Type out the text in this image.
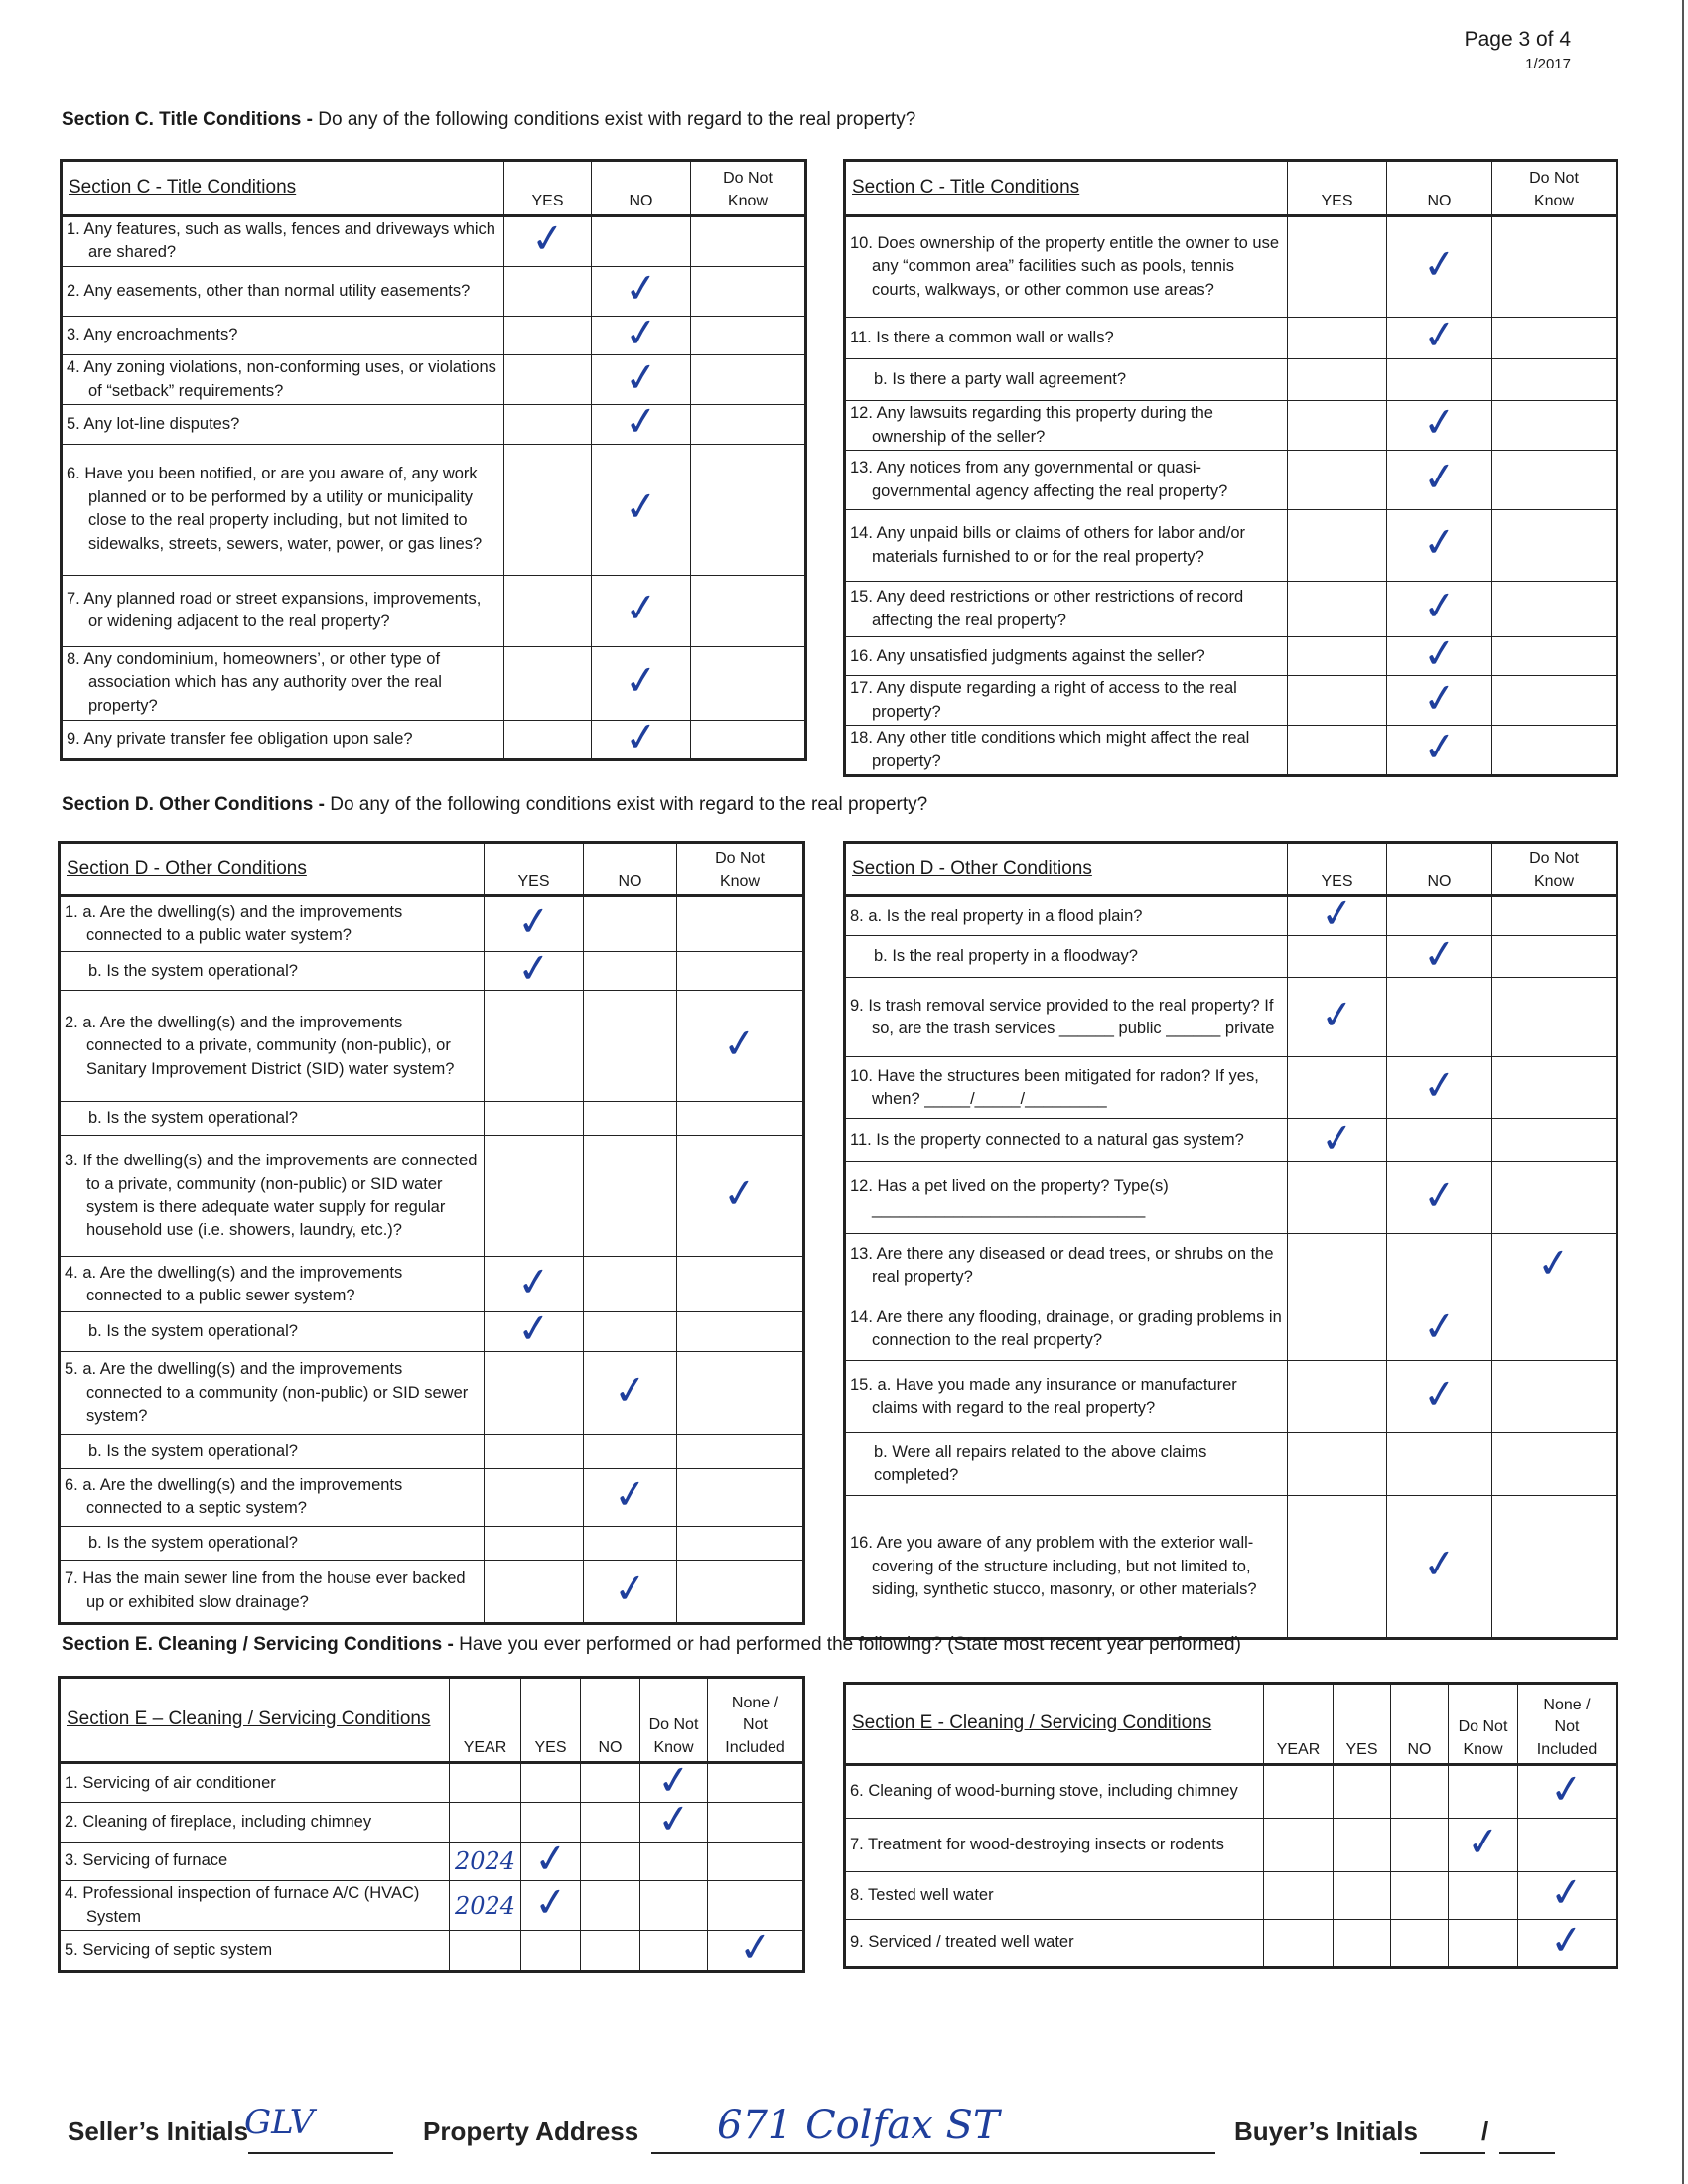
Page 3 of 4
1/2017
Section C. Title Conditions - Do any of the following conditions exist with regard to the real property?
Section C - Title Conditions	YES	NO	Do Not
Know

1. Any features, such as walls, fences and driveways which are shared?	✓		

2. Any easements, other than normal utility easements?		✓	

3. Any encroachments?		✓	

4. Any zoning violations, non-conforming uses, or violations of “setback” requirements?		✓	

5. Any lot-line disputes?		✓	

6. Have you been notified, or are you aware of, any work planned or to be performed by a utility or municipality close to the real property including, but not limited to sidewalks, streets, sewers, water, power, or gas lines?		✓	

7. Any planned road or street expansions, improvements, or widening adjacent to the real property?		✓	

8. Any condominium, homeowners’, or other type of association which has any authority over the real property?		✓	

9. Any private transfer fee obligation upon sale?		✓	
Section C - Title Conditions	YES	NO	Do Not
Know

10. Does ownership of the property entitle the owner to use any “common area” facilities such as pools, tennis courts, walkways, or other common use areas?		✓	

11. Is there a common wall or walls?		✓	

b. Is there a party wall agreement?			

12. Any lawsuits regarding this property during the ownership of the seller?		✓	

13. Any notices from any governmental or quasi-governmental agency affecting the real property?		✓	

14. Any unpaid bills or claims of others for labor and/or materials furnished to or for the real property?		✓	

15. Any deed restrictions or other restrictions of record affecting the real property?		✓	

16. Any unsatisfied judgments against the seller?		✓	

17. Any dispute regarding a right of access to the real property?		✓	

18. Any other title conditions which might affect the real property?		✓	
Section D. Other Conditions - Do any of the following conditions exist with regard to the real property?
Section D - Other Conditions	YES	NO	Do Not
Know

1. a. Are the dwelling(s) and the improvements connected to a public water system?	✓		

b. Is the system operational?	✓		

2. a. Are the dwelling(s) and the improvements connected to a private, community (non-public), or Sanitary Improvement District (SID) water system?			✓

b. Is the system operational?			

3. If the dwelling(s) and the improvements are connected to a private, community (non-public) or SID water system is there adequate water supply for regular household use (i.e. showers, laundry, etc.)?			✓

4. a. Are the dwelling(s) and the improvements connected to a public sewer system?	✓		

b. Is the system operational?	✓		

5. a. Are the dwelling(s) and the improvements connected to a community (non-public) or SID sewer system?		✓	

b. Is the system operational?			

6. a. Are the dwelling(s) and the improvements connected to a septic system?		✓	

b. Is the system operational?			

7. Has the main sewer line from the house ever backed up or exhibited slow drainage?		✓	
Section D - Other Conditions	YES	NO	Do Not
Know

8. a. Is the real property in a flood plain?	✓		

b. Is the real property in a floodway?		✓	

9. Is trash removal service provided to the real property? If so, are the trash services ______ public ______ private	✓		

10. Have the structures been mitigated for radon? If yes, when? _____/_____/_________		✓	

11. Is the property connected to a natural gas system?	✓		

12. Has a pet lived on the property? Type(s) ______________________________		✓	

13. Are there any diseased or dead trees, or shrubs on the real property?			✓

14. Are there any flooding, drainage, or grading problems in connection to the real property?		✓	

15. a. Have you made any insurance or manufacturer claims with regard to the real property?		✓	

b. Were all repairs related to the above claims completed?			

16. Are you aware of any problem with the exterior wall-covering of the structure including, but not limited to, siding, synthetic stucco, masonry, or other materials?		✓	
Section E. Cleaning / Servicing Conditions - Have you ever performed or had performed the following? (State most recent year performed)
Section E – Cleaning / Servicing Conditions	YEAR	YES	NO	Do Not
Know	None /
Not
Included

1. Servicing of air conditioner				✓	

2. Cleaning of fireplace, including chimney				✓	

3. Servicing of furnace	2024	✓			

4. Professional inspection of furnace A/C (HVAC) System	2024	✓			

5. Servicing of septic system					✓
Section E - Cleaning / Servicing Conditions	YEAR	YES	NO	Do Not
Know	None /
Not
Included

6. Cleaning of wood-burning stove, including chimney					✓

7. Treatment for wood-destroying insects or rodents				✓	

8. Tested well water					✓

9. Serviced / treated well water					✓
Seller’s Initials
GLV	Property Address 671 Colfax ST	Buyer’s Initials /
